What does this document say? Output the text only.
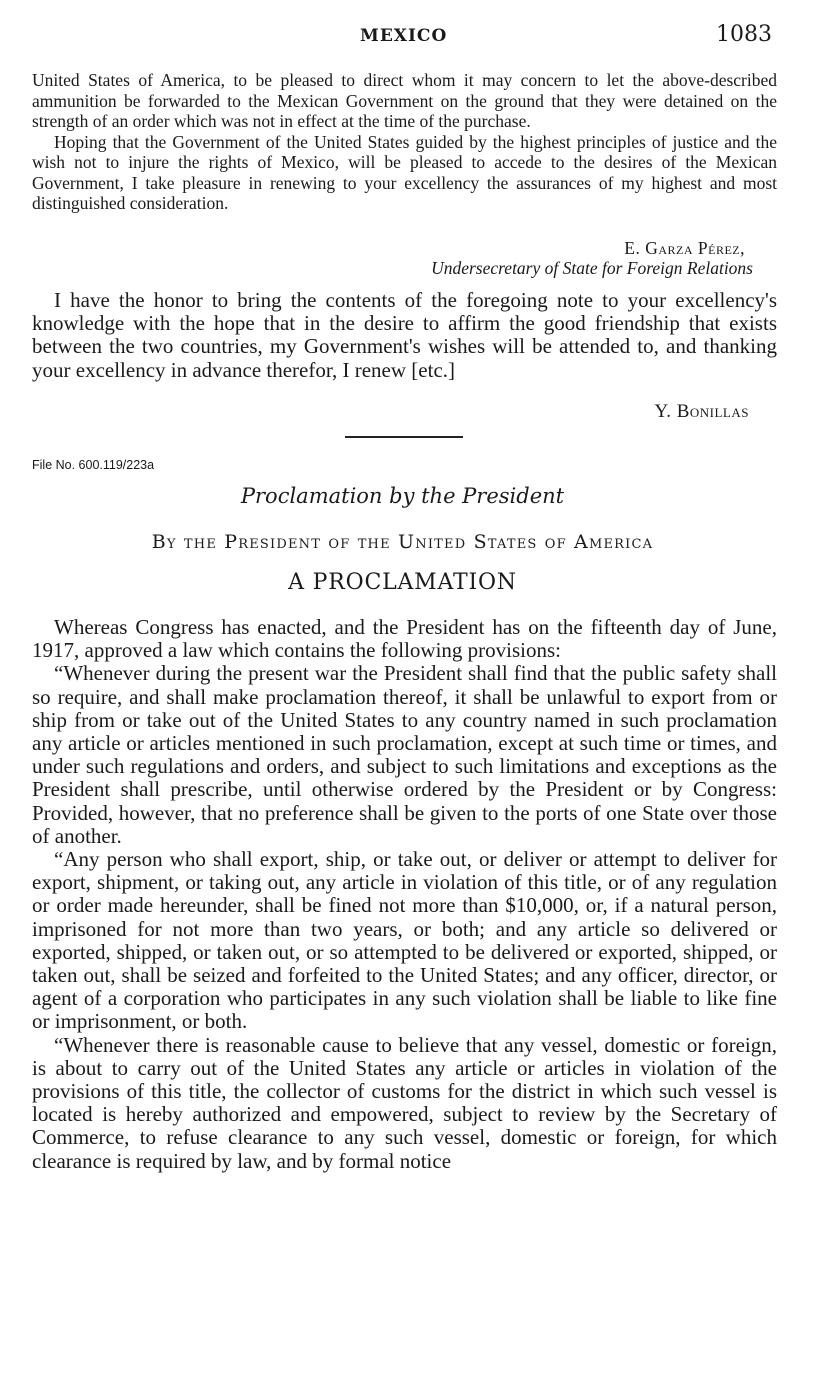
MEXICO	1083

United States of America, to be pleased to direct whom it may concern to let the above-described ammunition be forwarded to the Mexican Government on the ground that they were detained on the strength of an order which was not in effect at the time of the purchase.

Hoping that the Government of the United States guided by the highest principles of justice and the wish not to injure the rights of Mexico, will be pleased to accede to the desires of the Mexican Government, I take pleasure in renewing to your excellency the assurances of my highest and most distinguished consideration.

E. Garza Pérez,
Undersecretary of State for Foreign Relations

I have the honor to bring the contents of the foregoing note to your excellency's knowledge with the hope that in the desire to affirm the good friendship that exists between the two countries, my Government's wishes will be attended to, and thanking your excellency in advance therefor, I renew [etc.]

Y. Bonillas
File No. 600.119/223a
Proclamation by the President
By the President of the United States of America
A PROCLAMATION

Whereas Congress has enacted, and the President has on the fifteenth day of June, 1917, approved a law which contains the following provisions:

“Whenever during the present war the President shall find that the public safety shall so require, and shall make proclamation thereof, it shall be unlawful to export from or ship from or take out of the United States to any country named in such proclamation any article or articles mentioned in such proclamation, except at such time or times, and under such regulations and orders, and subject to such limitations and exceptions as the President shall prescribe, until otherwise ordered by the President or by Congress: Provided, however, that no preference shall be given to the ports of one State over those of another.

“Any person who shall export, ship, or take out, or deliver or attempt to deliver for export, shipment, or taking out, any article in violation of this title, or of any regulation or order made hereunder, shall be fined not more than $10,000, or, if a natural person, imprisoned for not more than two years, or both; and any article so delivered or exported, shipped, or taken out, or so attempted to be delivered or exported, shipped, or taken out, shall be seized and forfeited to the United States; and any officer, director, or agent of a corporation who participates in any such violation shall be liable to like fine or imprisonment, or both.

“Whenever there is reasonable cause to believe that any vessel, domestic or foreign, is about to carry out of the United States any article or articles in violation of the provisions of this title, the collector of customs for the district in which such vessel is located is hereby authorized and empowered, subject to review by the Secretary of Commerce, to refuse clearance to any such vessel, domestic or foreign, for which clearance is required by law, and by formal notice
